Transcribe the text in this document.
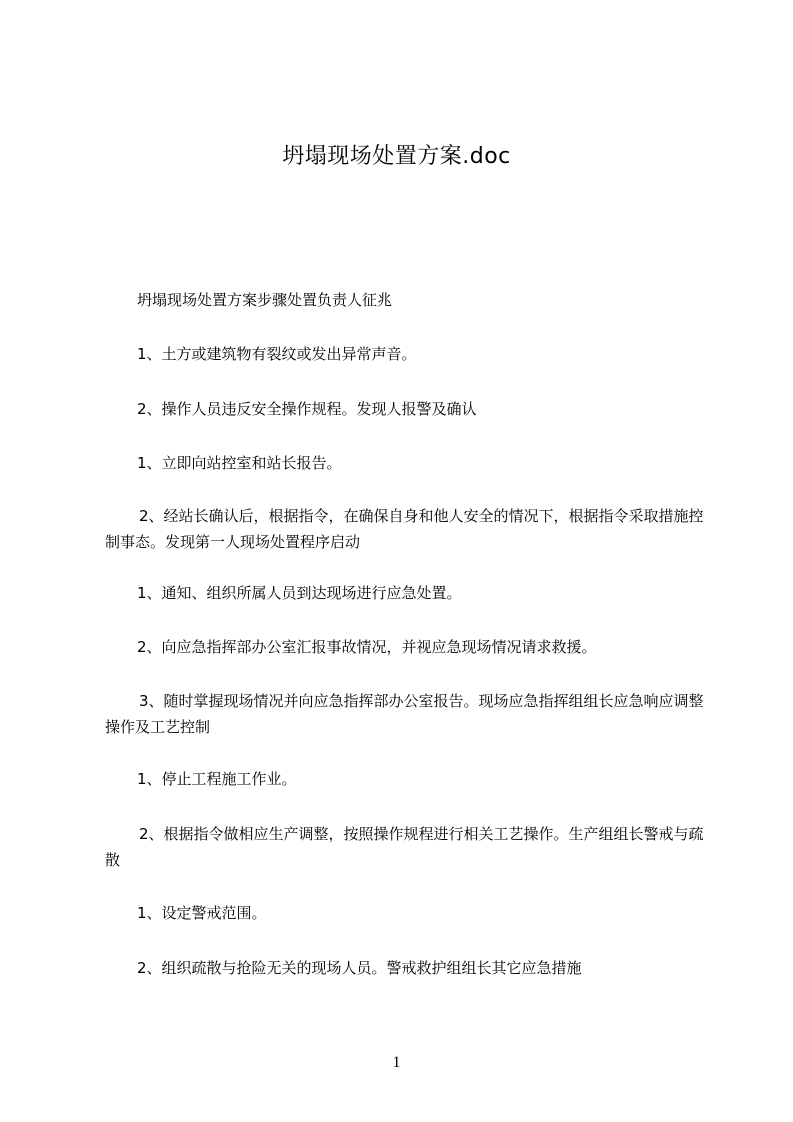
坍塌现场处置方案.doc

坍塌现场处置方案步骤处置负责人征兆

1、土方或建筑物有裂纹或发出异常声音。

2、操作人员违反安全操作规程。发现人报警及确认

1、立即向站控室和站长报告。

2、经站长确认后，根据指令，在确保自身和他人安全的情况下，根据指令采取措施控制事态。发现第一人现场处置程序启动

1、通知、组织所属人员到达现场进行应急处置。

2、向应急指挥部办公室汇报事故情况，并视应急现场情况请求救援。

3、随时掌握现场情况并向应急指挥部办公室报告。现场应急指挥组组长应急响应调整操作及工艺控制

1、停止工程施工作业。

2、根据指令做相应生产调整，按照操作规程进行相关工艺操作。生产组组长警戒与疏散

1、设定警戒范围。

2、组织疏散与抢险无关的现场人员。警戒救护组组长其它应急措施

1
